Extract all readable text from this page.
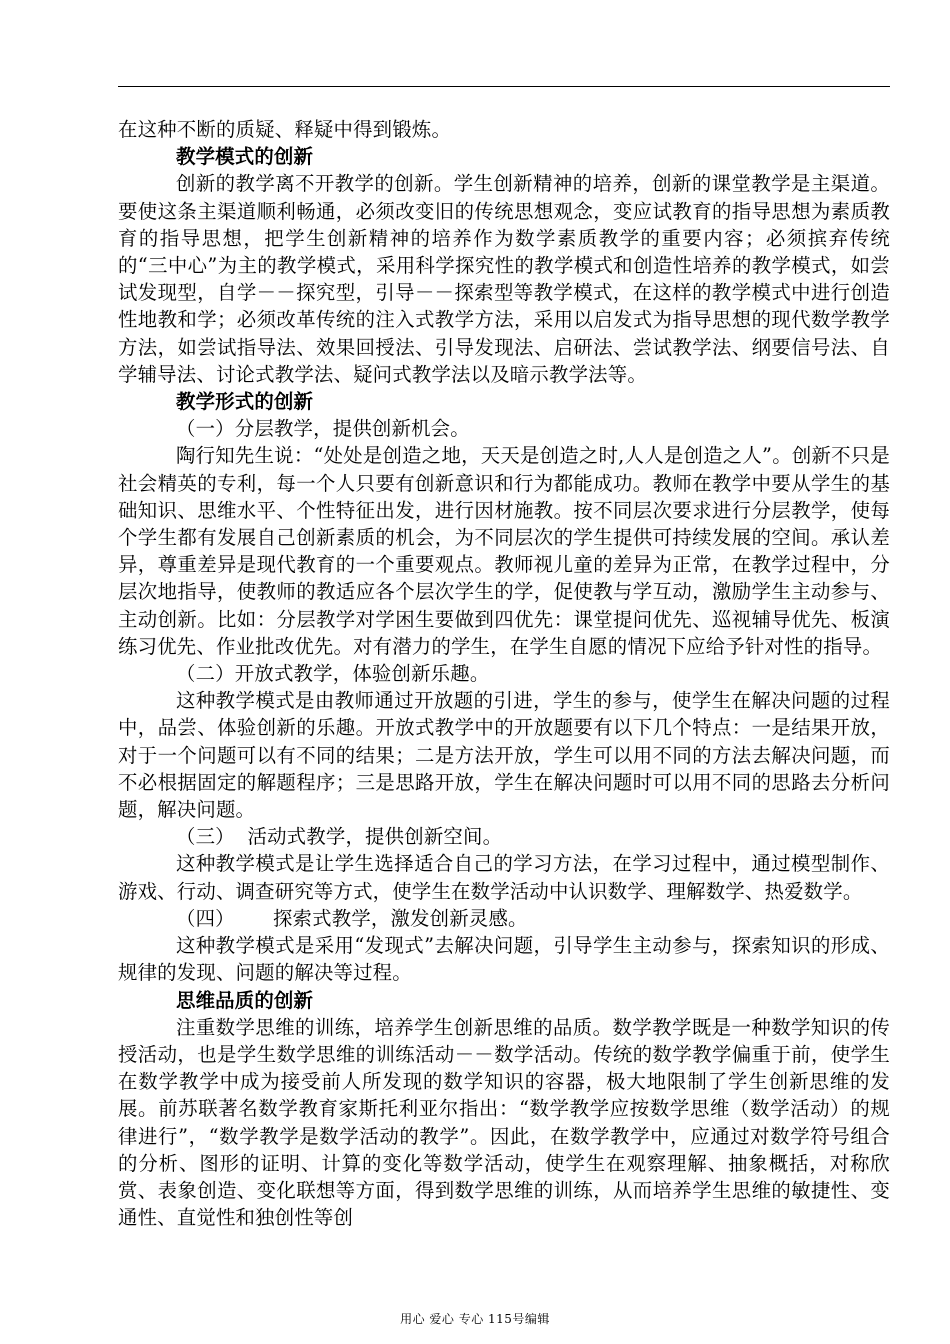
在这种不断的质疑、释疑中得到锻炼。

教学模式的创新

创新的教学离不开教学的创新。学生创新精神的培养，创新的课堂教学是主渠道。要使这条主渠道顺利畅通，必须改变旧的传统思想观念，变应试教育的指导思想为素质教育的指导思想，把学生创新精神的培养作为数学素质教学的重要内容；必须摈弃传统的“三中心”为主的教学模式，采用科学探究性的教学模式和创造性培养的教学模式，如尝试发现型，自学－－探究型，引导－－探索型等教学模式，在这样的教学模式中进行创造性地教和学；必须改革传统的注入式教学方法，采用以启发式为指导思想的现代数学教学方法，如尝试指导法、效果回授法、引导发现法、启研法、尝试教学法、纲要信号法、自学辅导法、讨论式教学法、疑问式教学法以及暗示教学法等。

教学形式的创新

（一）分层教学，提供创新机会。

陶行知先生说：“处处是创造之地，天天是创造之时,人人是创造之人”。创新不只是社会精英的专利，每一个人只要有创新意识和行为都能成功。教师在教学中要从学生的基础知识、思维水平、个性特征出发，进行因材施教。按不同层次要求进行分层教学，使每个学生都有发展自己创新素质的机会，为不同层次的学生提供可持续发展的空间。承认差异，尊重差异是现代教育的一个重要观点。教师视儿童的差异为正常，在教学过程中，分层次地指导，使教师的教适应各个层次学生的学，促使教与学互动，激励学生主动参与、主动创新。比如：分层教学对学困生要做到四优先：课堂提问优先、巡视辅导优先、板演练习优先、作业批改优先。对有潜力的学生，在学生自愿的情况下应给予针对性的指导。

（二）开放式教学，体验创新乐趣。

这种教学模式是由教师通过开放题的引进，学生的参与，使学生在解决问题的过程中，品尝、体验创新的乐趣。开放式教学中的开放题要有以下几个特点：一是结果开放，对于一个问题可以有不同的结果；二是方法开放，学生可以用不同的方法去解决问题，而不必根据固定的解题程序；三是思路开放，学生在解决问题时可以用不同的思路去分析问题，解决问题。

（三）  活动式教学，提供创新空间。

这种教学模式是让学生选择适合自己的学习方法，在学习过程中，通过模型制作、游戏、行动、调查研究等方式，使学生在数学活动中认识数学、理解数学、热爱数学。

（四）      探索式教学，激发创新灵感。

这种教学模式是采用“发现式”去解决问题，引导学生主动参与，探索知识的形成、规律的发现、问题的解决等过程。

思维品质的创新

注重数学思维的训练，培养学生创新思维的品质。数学教学既是一种数学知识的传授活动，也是学生数学思维的训练活动－－数学活动。传统的数学教学偏重于前，使学生在数学教学中成为接受前人所发现的数学知识的容器，极大地限制了学生创新思维的发展。前苏联著名数学教育家斯托利亚尔指出：“数学教学应按数学思维（数学活动）的规律进行”，“数学教学是数学活动的教学”。因此，在数学教学中，应通过对数学符号组合的分析、图形的证明、计算的变化等数学活动，使学生在观察理解、抽象概括，对称欣赏、表象创造、变化联想等方面，得到数学思维的训练，从而培养学生思维的敏捷性、变通性、直觉性和独创性等创

用心 爱心 专心 115号编辑
